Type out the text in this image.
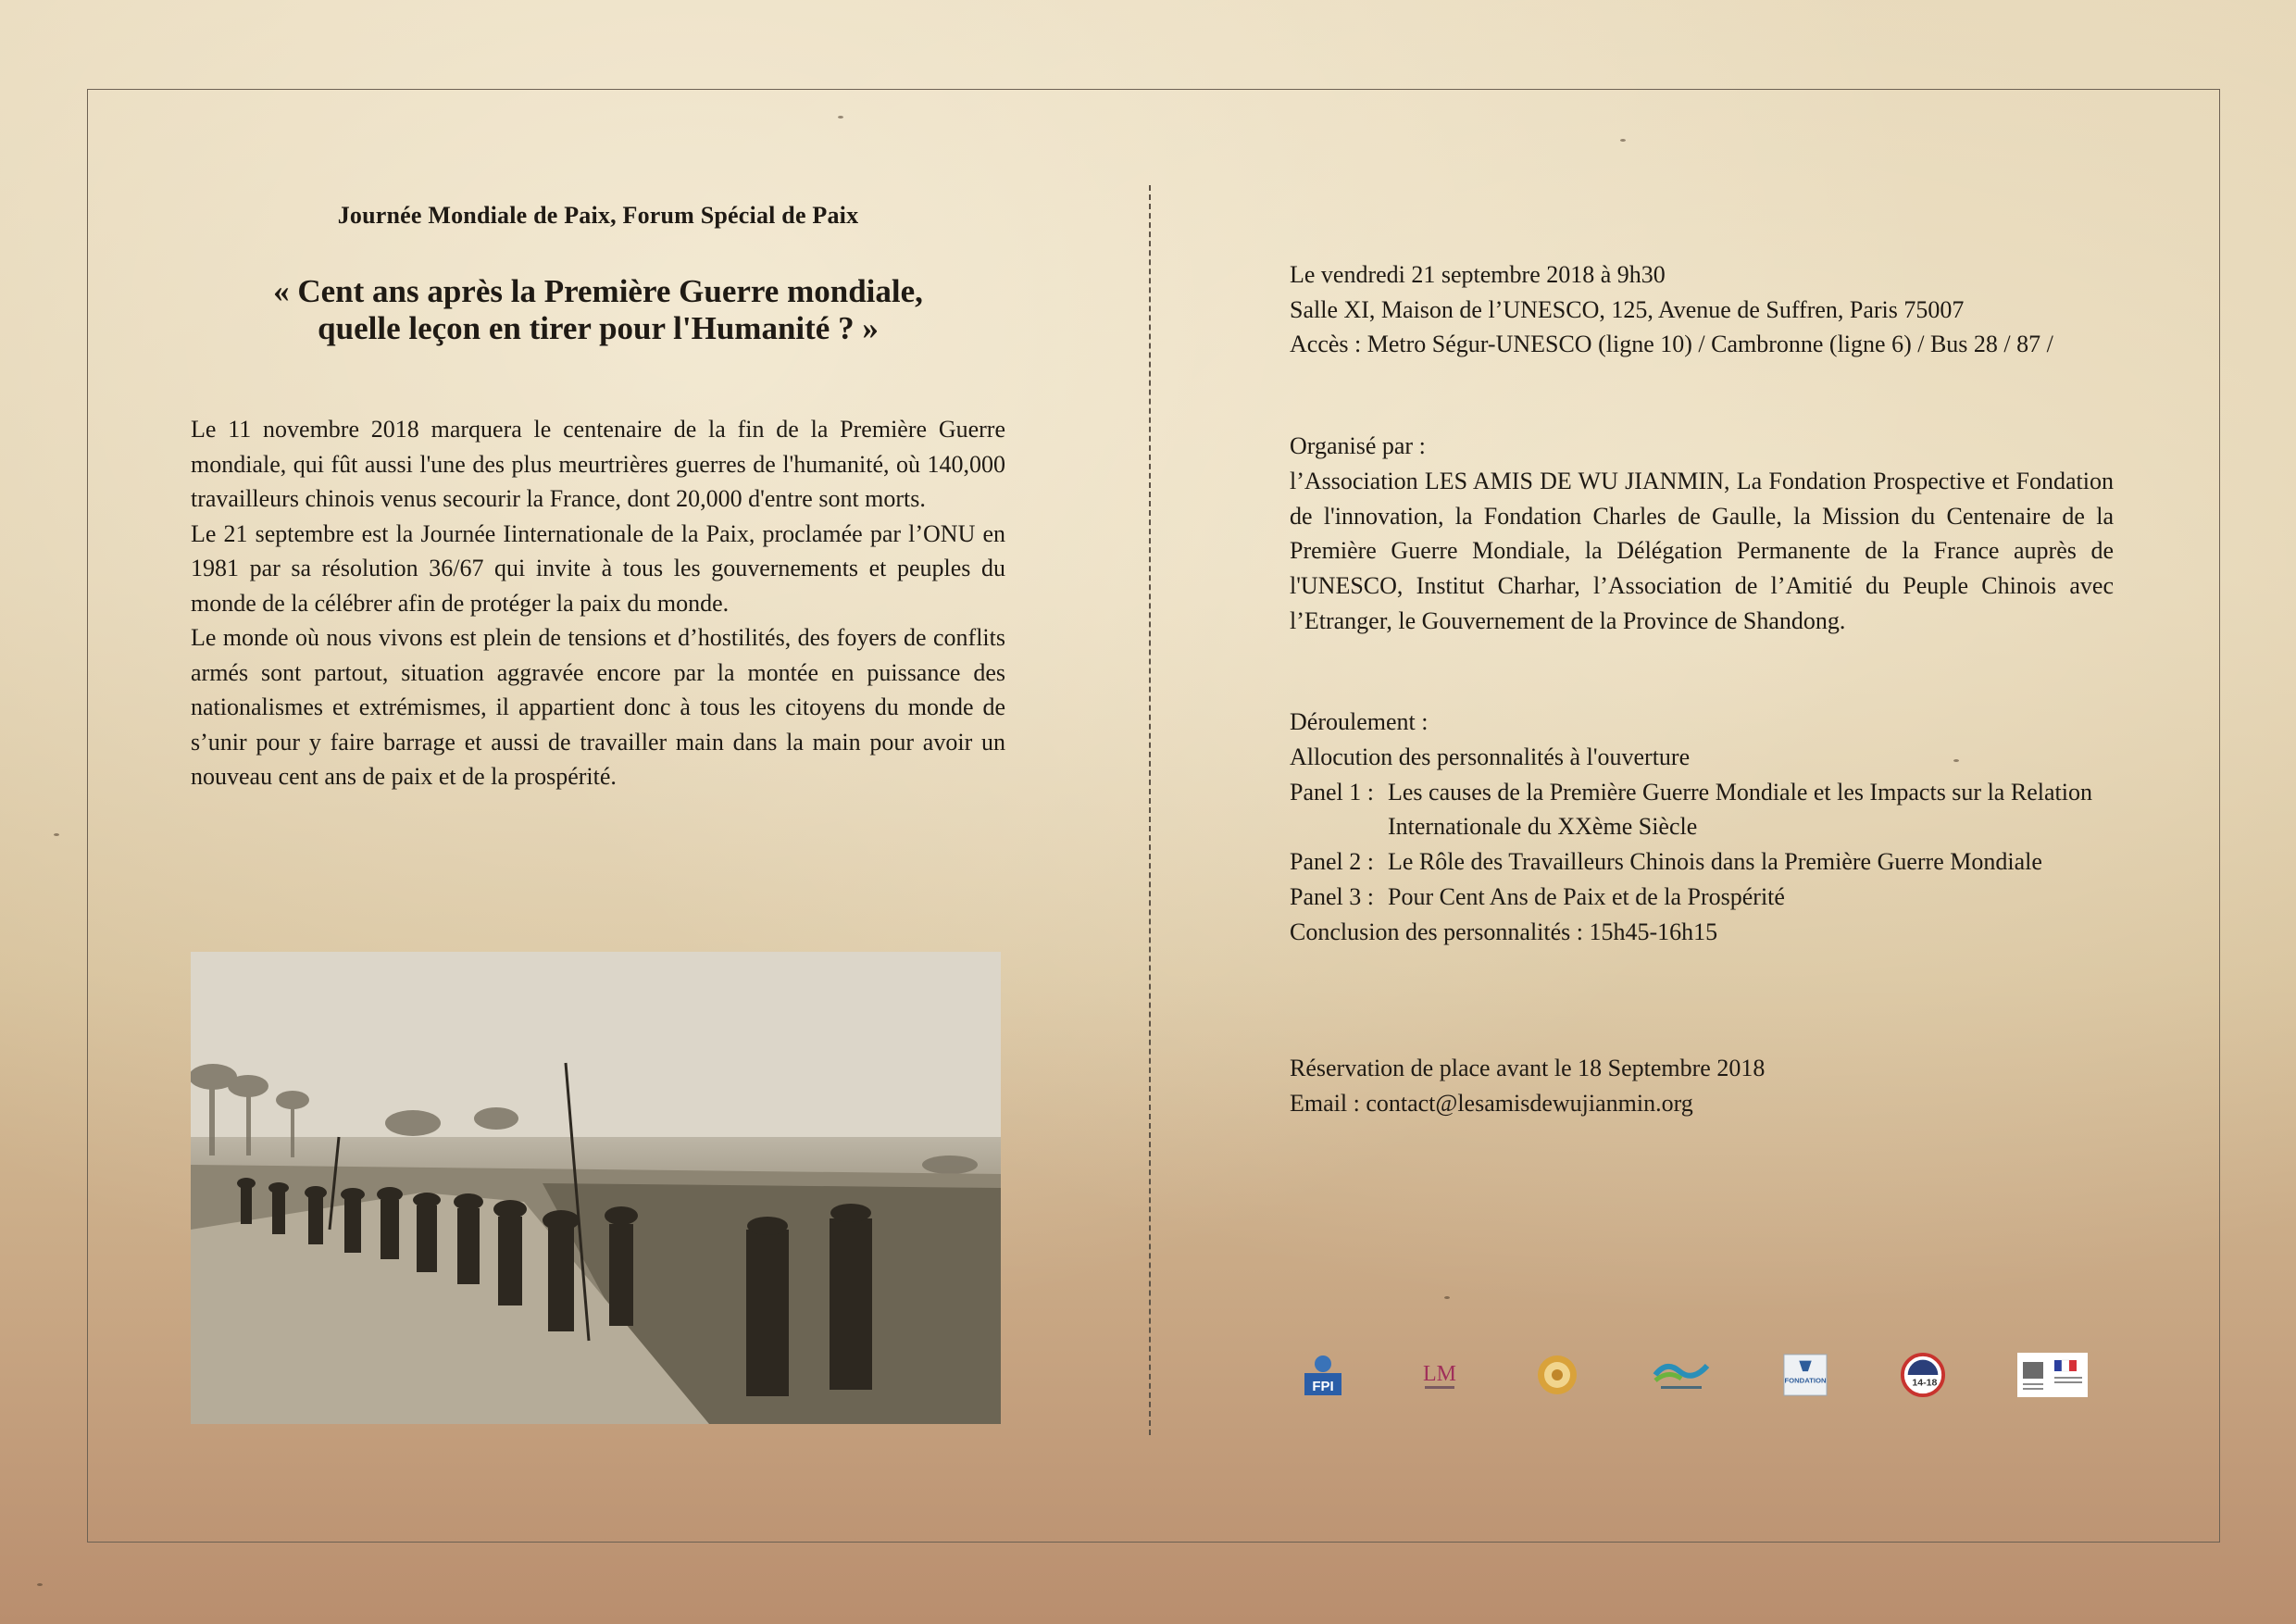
Journée Mondiale de Paix, Forum Spécial de Paix
« Cent ans après la Première Guerre mondiale,
quelle leçon en tirer pour l'Humanité ? »

Le 11 novembre 2018 marquera le centenaire de la fin de la Première Guerre mondiale, qui fût aussi l'une des plus meurtrières guerres de l'humanité, où 140,000 travailleurs chinois venus secourir la France, dont 20,000 d'entre sont morts.

Le 21 septembre est la Journée Iinternationale de la Paix, proclamée par l’ONU en 1981 par sa résolution 36/67 qui invite à tous les gouvernements et peuples du monde de la célébrer afin de protéger la paix du monde.

Le monde où nous vivons est plein de tensions et d’hostilités, des foyers de conflits armés sont partout, situation aggravée encore par la montée en puissance des nationalismes et extrémismes, il appartient donc à tous les citoyens du monde de s’unir pour y faire barrage et aussi de travailler main dans la main pour avoir un nouveau cent ans de paix et de la prospérité.

Le vendredi 21 septembre 2018 à 9h30

Salle XI, Maison de l’UNESCO, 125, Avenue de Suffren, Paris 75007

Accès : Metro Ségur-UNESCO (ligne 10) / Cambronne (ligne 6) / Bus 28 / 87 /

Organisé par :

l’Association LES AMIS DE WU JIANMIN, La Fondation Prospective et Fondation de l'innovation, la Fondation Charles de Gaulle, la Mission du Centenaire de la Première Guerre Mondiale, la Délégation Permanente de la France auprès de l'UNESCO, Institut Charhar, l’Association de l’Amitié du Peuple Chinois avec l’Etranger, le Gouvernement de la Province de Shandong.

Déroulement :

Allocution des personnalités à l'ouverture

Panel 1 : Les causes de la Première Guerre Mondiale et les Impacts sur la Relation Internationale du XXème Siècle
Panel 2 : Le Rôle des Travailleurs Chinois dans la Première Guerre Mondiale
Panel 3 : Pour Cent Ans de Paix et de la Prospérité

Conclusion des personnalités : 15h45-16h15

Réservation de place avant le 18 Septembre 2018

Email : contact@lesamisdewujianmin.org

FPI
LM	FONDATION	14-18
